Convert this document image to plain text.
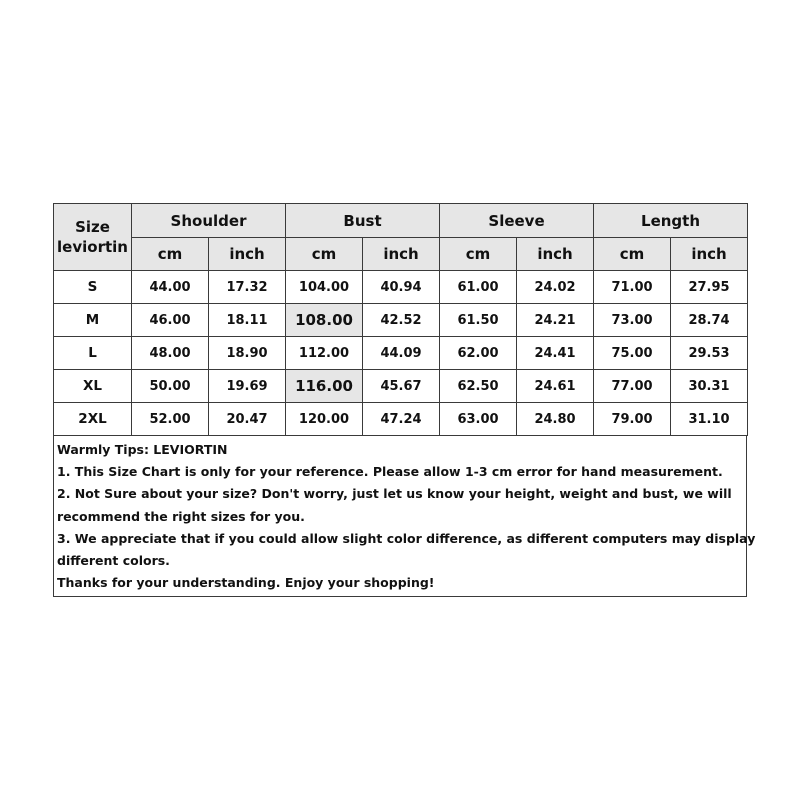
Size
leviortin	Shoulder		Bust		Sleeve		Length	
	cm	inch	cm	inch	cm	inch	cm	inch
S	44.00	17.32	104.00	40.94	61.00	24.02	71.00	27.95
M	46.00	18.11	108.00	42.52	61.50	24.21	73.00	28.74
L	48.00	18.90	112.00	44.09	62.00	24.41	75.00	29.53
XL	50.00	19.69	116.00	45.67	62.50	24.61	77.00	30.31
2XL	52.00	20.47	120.00	47.24	63.00	24.80	79.00	31.10
Warmly Tips: LEVIORTIN
1. This Size Chart is only for your reference. Please allow 1-3 cm error for hand measurement.
2. Not Sure about your size? Don't worry, just let us know your height, weight and bust, we will
recommend the right sizes for you.
3. We appreciate that if you could allow slight color difference, as different computers may display
different colors.
Thanks for your understanding. Enjoy your shopping!
